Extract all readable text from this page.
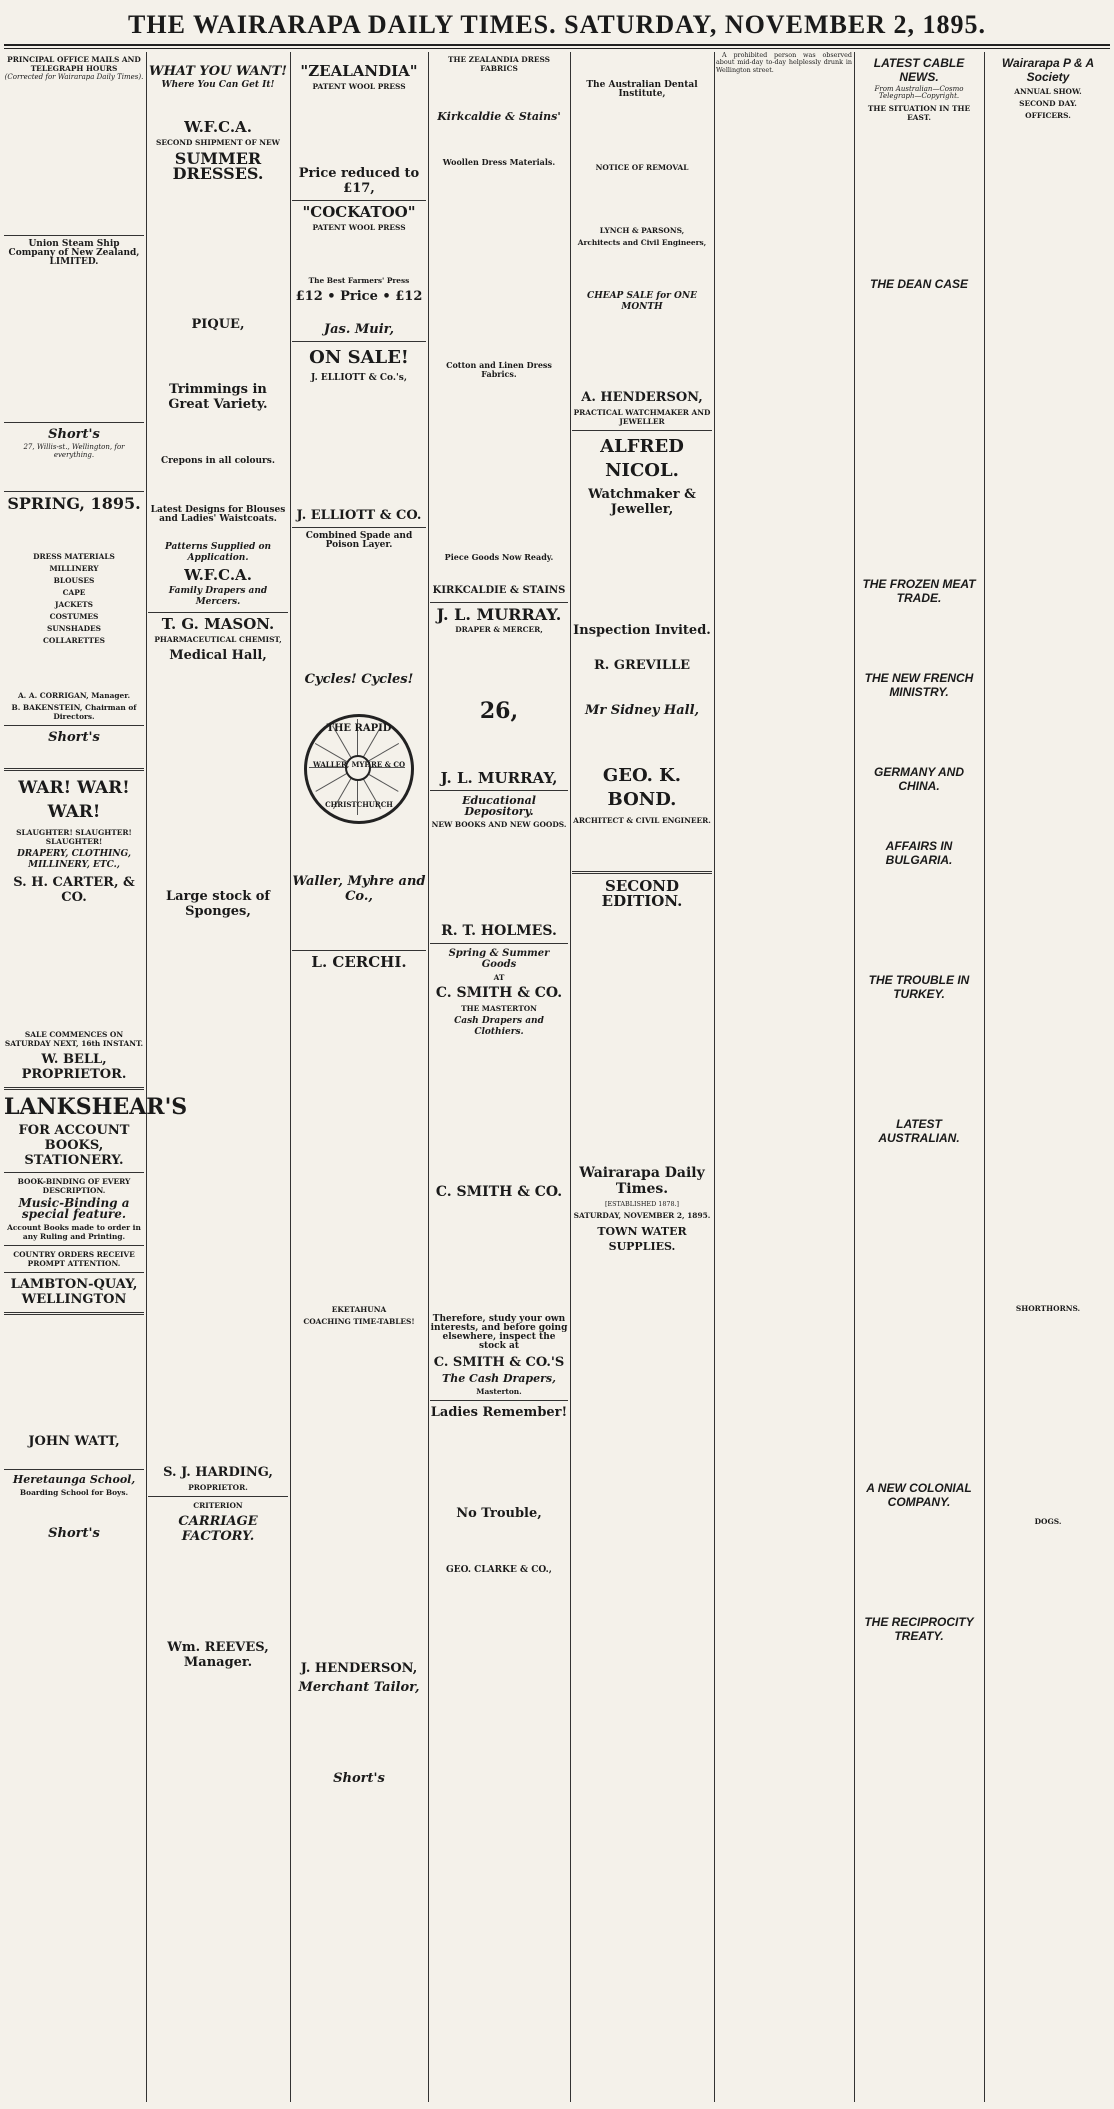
THE WAIRARAPA DAILY TIMES. SATURDAY, NOVEMBER 2, 1895.
PRINCIPAL OFFICE MAILS AND TELEGRAPH HOURS
(Corrected for Wairarapa Daily Times).
Union Steam Ship Company of New Zealand, LIMITED.
Short's
27, Willis-st., Wellington, for everything.
SPRING, 1895.
DRESS MATERIALS
MILLINERY
BLOUSES
CAPE
JACKETS
COSTUMES
SUNSHADES
COLLARETTES
A. A. CORRIGAN, Manager.
B. BAKENSTEIN, Chairman of Directors.
Short's
WAR! WAR! WAR!
SLAUGHTER! SLAUGHTER! SLAUGHTER!
DRAPERY, CLOTHING, MILLINERY, ETC.,
S. H. CARTER, & CO.
SALE COMMENCES ON SATURDAY NEXT, 16th INSTANT.
W. BELL, PROPRIETOR.
LANKSHEAR'S
FOR ACCOUNT BOOKS, STATIONERY.
BOOK-BINDING OF EVERY DESCRIPTION.
Music-Binding a special feature.
Account Books made to order in any Ruling and Printing.
COUNTRY ORDERS RECEIVE PROMPT ATTENTION.
LAMBTON-QUAY, WELLINGTON
JOHN WATT,
Heretaunga School,
Boarding School for Boys.
Short's
WHAT YOU WANT!
Where You Can Get It!
W.F.C.A.
SECOND SHIPMENT OF NEW
SUMMER DRESSES.
PIQUE,
Trimmings in Great Variety.
Crepons in all colours.
Latest Designs for Blouses and Ladies' Waistcoats.
Patterns Supplied on Application.
W.F.C.A.
Family Drapers and Mercers.
T. G. MASON.
PHARMACEUTICAL CHEMIST,
Medical Hall,
Large stock of Sponges,
S. J. HARDING,
PROPRIETOR.
CRITERION
CARRIAGE FACTORY.
Wm. REEVES, Manager.
"ZEALANDIA"
PATENT WOOL PRESS
Price reduced to £17,
"COCKATOO"
PATENT WOOL PRESS
The Best Farmers' Press
£12 • Price • £12
Jas. Muir,
ON SALE!
J. ELLIOTT & Co.'s,
J. ELLIOTT & CO.
Combined Spade and Poison Layer.
Cycles! Cycles!
THE RAPID
WALLER, MYHRE & CO
CHRISTCHURCH
Waller, Myhre and Co.,
L. CERCHI.
EKETAHUNA
COACHING TIME-TABLES!
J. HENDERSON,
Merchant Tailor,
Short's
THE ZEALANDIA DRESS FABRICS
Kirkcaldie & Stains'
Woollen Dress Materials.
Cotton and Linen Dress Fabrics.
Piece Goods Now Ready.
KIRKCALDIE & STAINS
J. L. MURRAY.
DRAPER & MERCER,
26,
J. L. MURRAY,
Educational Depository.
NEW BOOKS AND NEW GOODS.
R. T. HOLMES.
Spring & Summer Goods
AT
C. SMITH & CO.
THE MASTERTON
Cash Drapers and Clothiers.
C. SMITH & CO.
Therefore, study your own interests, and before going elsewhere, inspect the stock at
C. SMITH & CO.'S
The Cash Drapers,
Masterton.
Ladies Remember!
No Trouble,
GEO. CLARKE & CO.,
The Australian Dental Institute,
NOTICE OF REMOVAL
LYNCH & PARSONS,
Architects and Civil Engineers,
CHEAP SALE for ONE MONTH
A. HENDERSON,
PRACTICAL WATCHMAKER AND JEWELLER
ALFRED NICOL.
Watchmaker & Jeweller,
Inspection Invited.
R. GREVILLE
Mr Sidney Hall,
GEO. K. BOND.
ARCHITECT & CIVIL ENGINEER.
SECOND EDITION.
Wairarapa Daily Times.
[ESTABLISHED 1878.]
SATURDAY, NOVEMBER 2, 1895.
TOWN WATER SUPPLIES.

A prohibited person was observed about mid-day to-day helplessly drunk in Wellington street.	LATEST CABLE NEWS.
From Australian—Cosmo Telegraph—Copyright.
THE SITUATION IN THE EAST.
THE DEAN CASE
THE FROZEN MEAT TRADE.
THE NEW FRENCH MINISTRY.
GERMANY AND CHINA.
AFFAIRS IN BULGARIA.
THE TROUBLE IN TURKEY.
LATEST AUSTRALIAN.
A NEW COLONIAL COMPANY.
THE RECIPROCITY TREATY.
Wairarapa P & A Society
ANNUAL SHOW.
SECOND DAY.
OFFICERS.
SHORTHORNS.
DOGS.
